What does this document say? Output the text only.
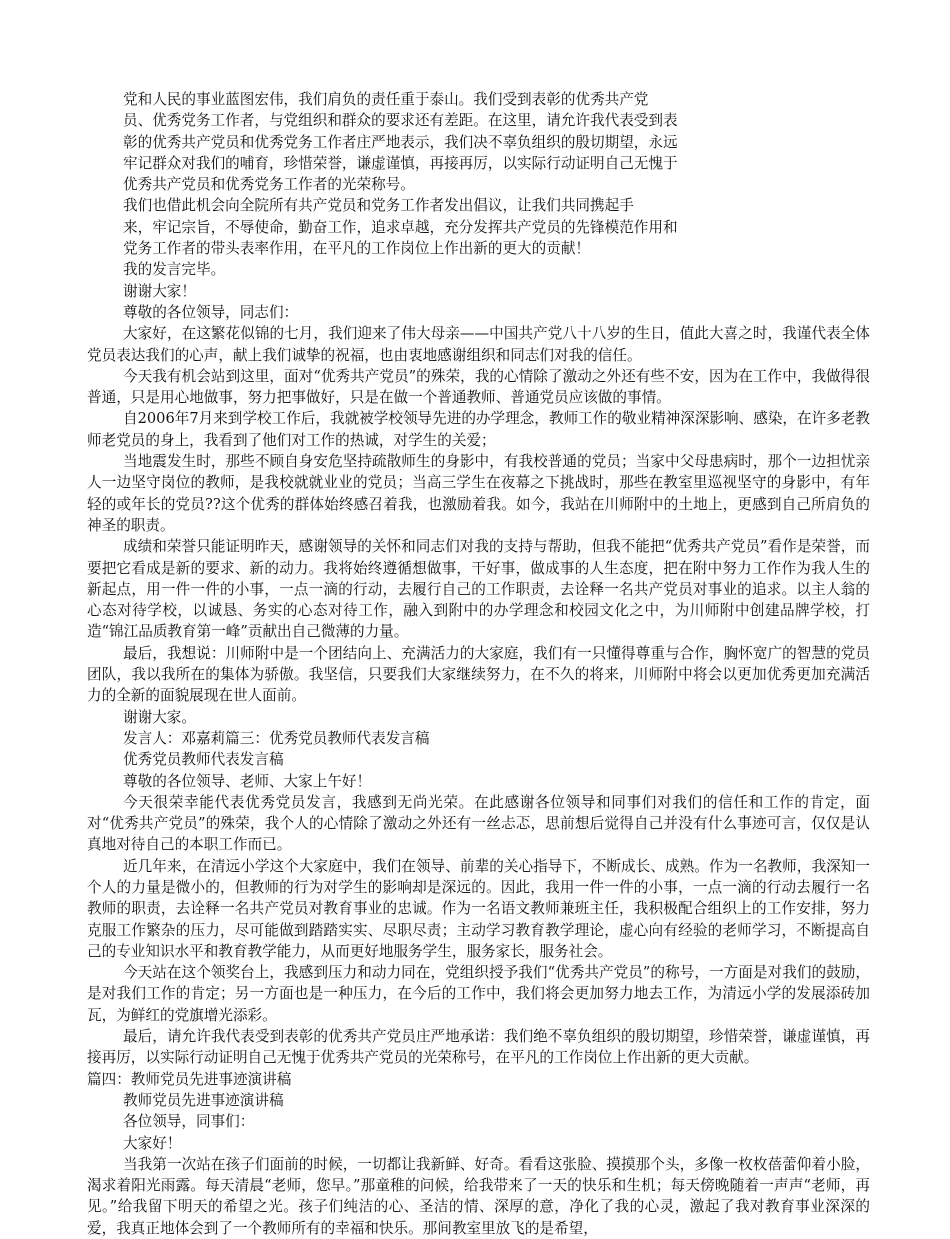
党和人民的事业蓝图宏伟，我们肩负的责任重于泰山。我们受到表彰的优秀共产党
员、优秀党务工作者，与党组织和群众的要求还有差距。在这里，请允许我代表受到表
彰的优秀共产党员和优秀党务工作者庄严地表示，我们决不辜负组织的殷切期望，永远
牢记群众对我们的哺育，珍惜荣誉，谦虚谨慎，再接再厉，以实际行动证明自己无愧于
优秀共产党员和优秀党务工作者的光荣称号。
我们也借此机会向全院所有共产党员和党务工作者发出倡议，让我们共同携起手
来，牢记宗旨，不辱使命，勤奋工作，追求卓越，充分发挥共产党员的先锋模范作用和
党务工作者的带头表率作用，在平凡的工作岗位上作出新的更大的贡献！
我的发言完毕。
谢谢大家！
尊敬的各位领导，同志们：
大家好，在这繁花似锦的七月，我们迎来了伟大母亲——中国共产党八十八岁的生日，值此大喜之时，我谨代表全体党员表达我们的心声，献上我们诚挚的祝福，也由衷地感谢组织和同志们对我的信任。
今天我有机会站到这里，面对“优秀共产党员”的殊荣，我的心情除了激动之外还有些不安，因为在工作中，我做得很普通，只是用心地做事，努力把事做好，只是在做一个普通教师、普通党员应该做的事情。
自2006年7月来到学校工作后，我就被学校领导先进的办学理念，教师工作的敬业精神深深影响、感染，在许多老教师老党员的身上，我看到了他们对工作的热诚，对学生的关爱；
当地震发生时，那些不顾自身安危坚持疏散师生的身影中，有我校普通的党员；当家中父母患病时，那个一边担忧亲人一边坚守岗位的教师，是我校就就业业的党员；当高三学生在夜幕之下挑战时，那些在教室里巡视坚守的身影中，有年轻的或年长的党员??这个优秀的群体始终感召着我，也激励着我。如今，我站在川师附中的土地上，更感到自己所肩负的神圣的职责。
成绩和荣誉只能证明昨天，感谢领导的关怀和同志们对我的支持与帮助，但我不能把“优秀共产党员”看作是荣誉，而要把它看成是新的要求、新的动力。我将始终遵循想做事，干好事，做成事的人生态度，把在附中努力工作作为我人生的新起点，用一件一件的小事，一点一滴的行动，去履行自己的工作职责，去诠释一名共产党员对事业的追求。以主人翁的心态对待学校，以诚恳、务实的心态对待工作，融入到附中的办学理念和校园文化之中，为川师附中创建品牌学校，打造“锦江品质教育第一峰”贡献出自己微薄的力量。
最后，我想说：川师附中是一个团结向上、充满活力的大家庭，我们有一只懂得尊重与合作，胸怀宽广的智慧的党员团队，我以我所在的集体为骄傲。我坚信，只要我们大家继续努力，在不久的将来，川师附中将会以更加优秀更加充满活力的全新的面貌展现在世人面前。
谢谢大家。
发言人：邓嘉莉篇三：优秀党员教师代表发言稿
优秀党员教师代表发言稿
尊敬的各位领导、老师、大家上午好！
今天很荣幸能代表优秀党员发言，我感到无尚光荣。在此感谢各位领导和同事们对我们的信任和工作的肯定，面对“优秀共产党员”的殊荣，我个人的心情除了激动之外还有一丝忐忑，思前想后觉得自己并没有什么事迹可言，仅仅是认真地对待自己的本职工作而已。
近几年来，在清远小学这个大家庭中，我们在领导、前辈的关心指导下，不断成长、成熟。作为一名教师，我深知一个人的力量是微小的，但教师的行为对学生的影响却是深远的。因此，我用一件一件的小事，一点一滴的行动去履行一名教师的职责，去诠释一名共产党员对教育事业的忠诚。作为一名语文教师兼班主任，我积极配合组织上的工作安排，努力克服工作繁杂的压力，尽可能做到踏踏实实、尽职尽责；主动学习教育教学理论，虚心向有经验的老师学习，不断提高自己的专业知识水平和教育教学能力，从而更好地服务学生，服务家长，服务社会。
今天站在这个领奖台上，我感到压力和动力同在，党组织授予我们“优秀共产党员”的称号，一方面是对我们的鼓励，是对我们工作的肯定；另一方面也是一种压力，在今后的工作中，我们将会更加努力地去工作，为清远小学的发展添砖加瓦，为鲜红的党旗增光添彩。
最后，请允许我代表受到表彰的优秀共产党员庄严地承诺：我们绝不辜负组织的殷切期望，珍惜荣誉，谦虚谨慎，再接再厉，以实际行动证明自己无愧于优秀共产党员的光荣称号，在平凡的工作岗位上作出新的更大贡献。
篇四：教师党员先进事迹演讲稿
教师党员先进事迹演讲稿
各位领导，同事们：
大家好！
当我第一次站在孩子们面前的时候，一切都让我新鲜、好奇。看看这张脸、摸摸那个头，多像一枚枚蓓蕾仰着小脸，渴求着阳光雨露。每天清晨“老师，您早。”那童稚的问候，给我带来了一天的快乐和生机；每天傍晚随着一声声“老师，再见。”给我留下明天的希望之光。孩子们纯洁的心、圣洁的情、深厚的意，净化了我的心灵，激起了我对教育事业深深的爱，我真正地体会到了一个教师所有的幸福和快乐。那间教室里放飞的是希望，
